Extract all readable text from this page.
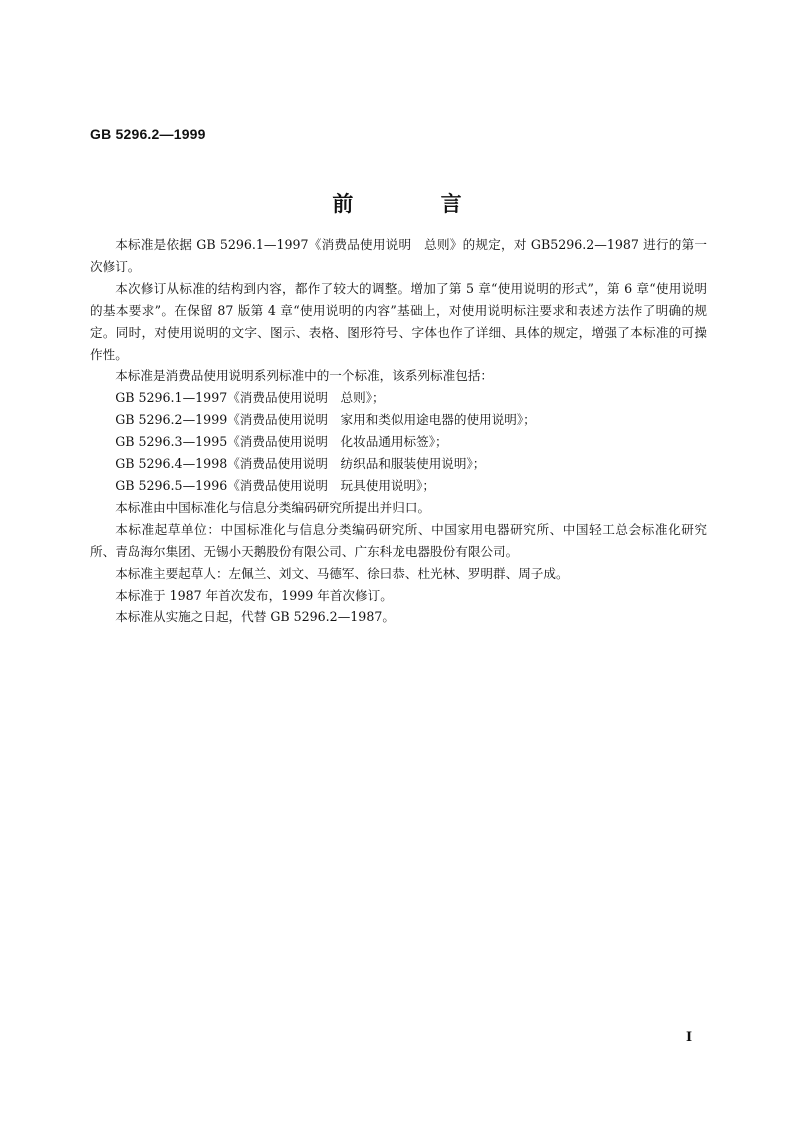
GB 5296.2—1999
前 言

本标准是依据 GB 5296.1—1997《消费品使用说明　总则》的规定，对 GB5296.2—1987 进行的第一次修订。

本次修订从标准的结构到内容，都作了较大的调整。增加了第 5 章“使用说明的形式”，第 6 章“使用说明的基本要求”。在保留 87 版第 4 章“使用说明的内容”基础上，对使用说明标注要求和表述方法作了明确的规定。同时，对使用说明的文字、图示、表格、图形符号、字体也作了详细、具体的规定，增强了本标准的可操作性。

本标准是消费品使用说明系列标准中的一个标准，该系列标准包括：

GB 5296.1—1997《消费品使用说明　总则》；

GB 5296.2—1999《消费品使用说明　家用和类似用途电器的使用说明》；

GB 5296.3—1995《消费品使用说明　化妆品通用标签》；

GB 5296.4—1998《消费品使用说明　纺织品和服装使用说明》；

GB 5296.5—1996《消费品使用说明　玩具使用说明》；

本标准由中国标准化与信息分类编码研究所提出并归口。

本标准起草单位：中国标准化与信息分类编码研究所、中国家用电器研究所、中国轻工总会标准化研究所、青岛海尔集团、无锡小天鹅股份有限公司、广东科龙电器股份有限公司。

本标准主要起草人：左佩兰、刘文、马德军、徐曰恭、杜光林、罗明群、周子成。

本标准于 1987 年首次发布，1999 年首次修订。

本标准从实施之日起，代替 GB 5296.2—1987。

I
